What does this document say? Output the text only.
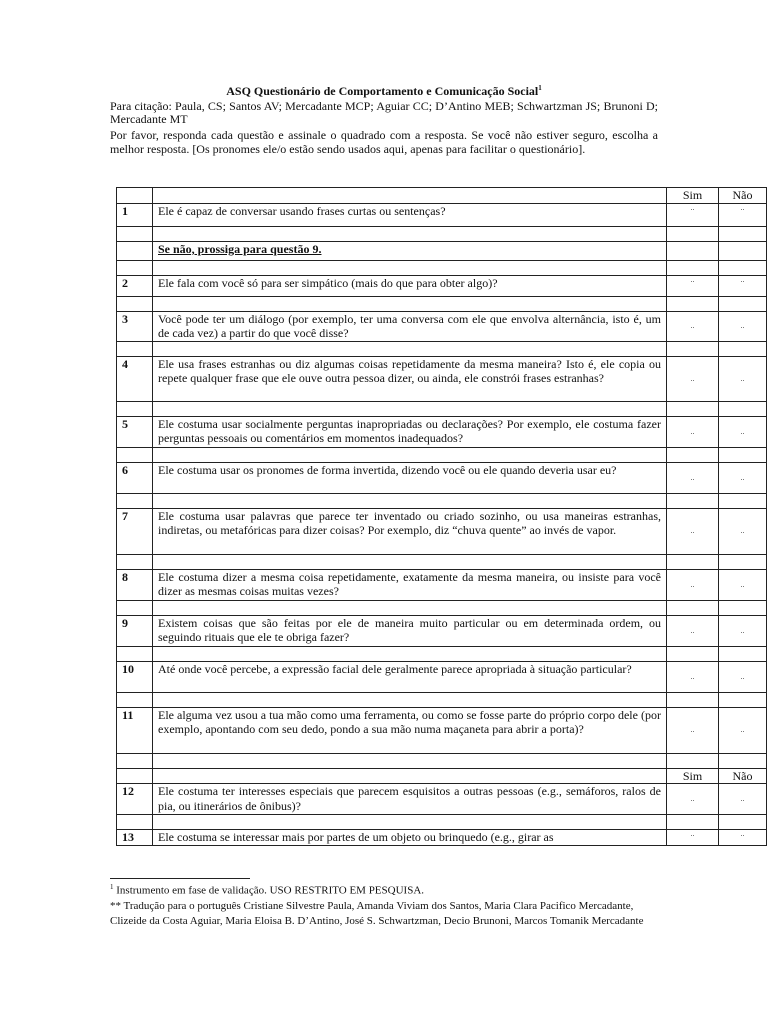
ASQ Questionário de Comportamento e Comunicação Social$^1$
Para citação: Paula, CS; Santos AV; Mercadante MCP; Aguiar CC; D’Antino MEB; Schwartzman JS; Brunoni D; Mercadante MT
Por favor, responda cada questão e assinale o quadrado com a resposta. Se você não estiver seguro, escolha a melhor resposta. [Os pronomes ele/o estão sendo usados aqui, apenas para facilitar o questionário].
		Sim	Não
1	Ele é capaz de conversar usando frases curtas ou sentenças?	..	..

	Se não, prossiga para questão 9.		

2	Ele fala com você só para ser simpático (mais do que para obter algo)?	..	..

3	Você pode ter um diálogo (por exemplo, ter uma conversa com ele que envolva alternância, isto é, um de cada vez) a partir do que você disse?	..	..

4	Ele usa frases estranhas ou diz algumas coisas repetidamente da mesma maneira? Isto é, ele copia ou repete qualquer frase que ele ouve outra pessoa dizer, ou ainda, ele constrói frases estranhas?	..	..

5	Ele costuma usar socialmente perguntas inapropriadas ou declarações? Por exemplo, ele costuma fazer perguntas pessoais ou comentários em momentos inadequados?	..	..

6	Ele costuma usar os pronomes de forma invertida, dizendo você ou ele quando deveria usar eu?	..	..

7	Ele costuma usar palavras que parece ter inventado ou criado sozinho, ou usa maneiras estranhas, indiretas, ou metafóricas para dizer coisas? Por exemplo, diz “chuva quente” ao invés de vapor.	..	..

8	Ele costuma dizer a mesma coisa repetidamente, exatamente da mesma maneira, ou insiste para você dizer as mesmas coisas muitas vezes?	..	..

9	Existem coisas que são feitas por ele de maneira muito particular ou em determinada ordem, ou seguindo rituais que ele te obriga fazer?	..	..

10	Até onde você percebe, a expressão facial dele geralmente parece apropriada à situação particular?	..	..

11	Ele alguma vez usou a tua mão como uma ferramenta, ou como se fosse parte do próprio corpo dele (por exemplo, apontando com seu dedo, pondo a sua mão numa maçaneta para abrir a porta)?	..	..

		Sim	Não
12	Ele costuma ter interesses especiais que parecem esquisitos a outras pessoas (e.g., semáforos, ralos de pia, ou itinerários de ônibus)?	..	..

13	Ele costuma se interessar mais por partes de um objeto ou brinquedo (e.g., girar as	..	..
$^1$ Instrumento em fase de validação. USO RESTRITO EM PESQUISA.
** Tradução para o português Cristiane Silvestre Paula, Amanda Viviam dos Santos, Maria Clara Pacifico Mercadante, Clizeide da Costa Aguiar, Maria Eloisa B. D’Antino, José S. Schwartzman, Decio Brunoni, Marcos Tomanik Mercadante
